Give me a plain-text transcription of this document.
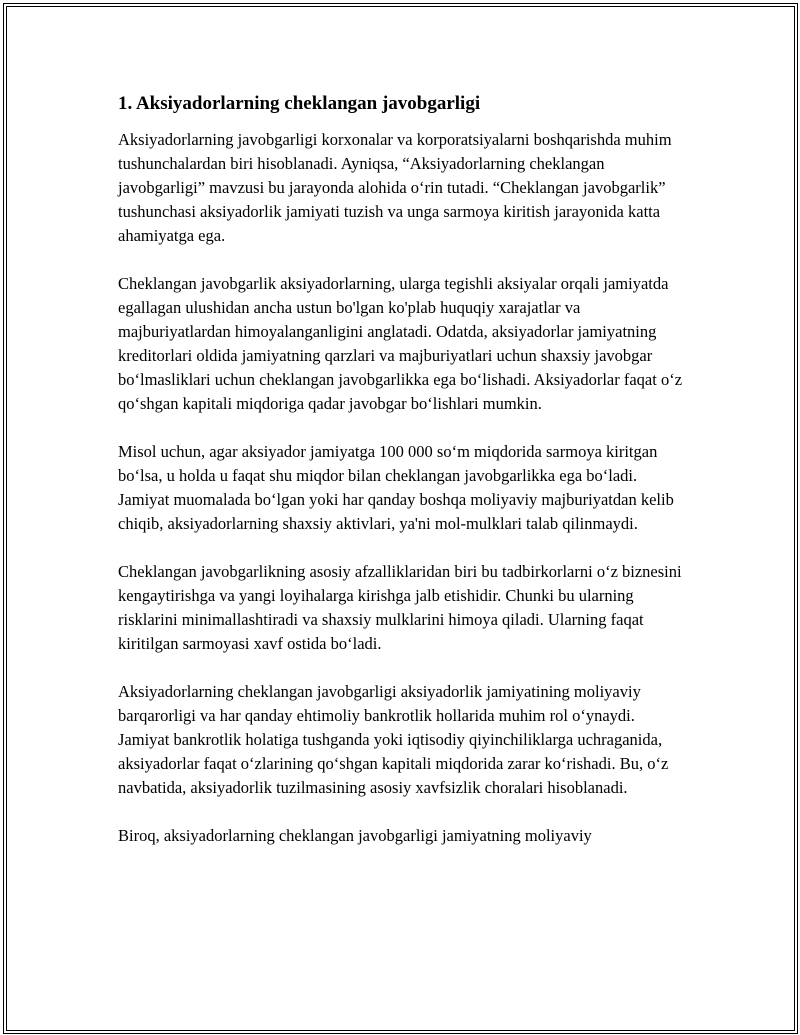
1. Aksiyadorlarning cheklangan javobgarligi

Aksiyadorlarning javobgarligi korxonalar va korporatsiyalarni boshqarishda muhim tushunchalardan biri hisoblanadi. Ayniqsa, “Aksiyadorlarning cheklangan javobgarligi” mavzusi bu jarayonda alohida o‘rin tutadi. “Cheklangan javobgarlik” tushunchasi aksiyadorlik jamiyati tuzish va unga sarmoya kiritish jarayonida katta ahamiyatga ega.

Cheklangan javobgarlik aksiyadorlarning, ularga tegishli aksiyalar orqali jamiyatda egallagan ulushidan ancha ustun bo'lgan ko'plab huquqiy xarajatlar va majburiyatlardan himoyalanganligini anglatadi. Odatda, aksiyadorlar jamiyatning kreditorlari oldida jamiyatning qarzlari va majburiyatlari uchun shaxsiy javobgar bo‘lmasliklari uchun cheklangan javobgarlikka ega bo‘lishadi. Aksiyadorlar faqat o‘z qo‘shgan kapitali miqdoriga qadar javobgar bo‘lishlari mumkin.

Misol uchun, agar aksiyador jamiyatga 100 000 so‘m miqdorida sarmoya kiritgan bo‘lsa, u holda u faqat shu miqdor bilan cheklangan javobgarlikka ega bo‘ladi. Jamiyat muomalada bo‘lgan yoki har qanday boshqa moliyaviy majburiyatdan kelib chiqib, aksiyadorlarning shaxsiy aktivlari, ya'ni mol-mulklari talab qilinmaydi.

Cheklangan javobgarlikning asosiy afzalliklaridan biri bu tadbirkorlarni o‘z biznesini kengaytirishga va yangi loyihalarga kirishga jalb etishidir. Chunki bu ularning risklarini minimallashtiradi va shaxsiy mulklarini himoya qiladi. Ularning faqat kiritilgan sarmoyasi xavf ostida bo‘ladi.

Aksiyadorlarning cheklangan javobgarligi aksiyadorlik jamiyatining moliyaviy barqarorligi va har qanday ehtimoliy bankrotlik hollarida muhim rol o‘ynaydi. Jamiyat bankrotlik holatiga tushganda yoki iqtisodiy qiyinchiliklarga uchraganida, aksiyadorlar faqat o‘zlarining qo‘shgan kapitali miqdorida zarar ko‘rishadi. Bu, o‘z navbatida, aksiyadorlik tuzilmasining asosiy xavfsizlik choralari hisoblanadi.

Biroq, aksiyadorlarning cheklangan javobgarligi jamiyatning moliyaviy
